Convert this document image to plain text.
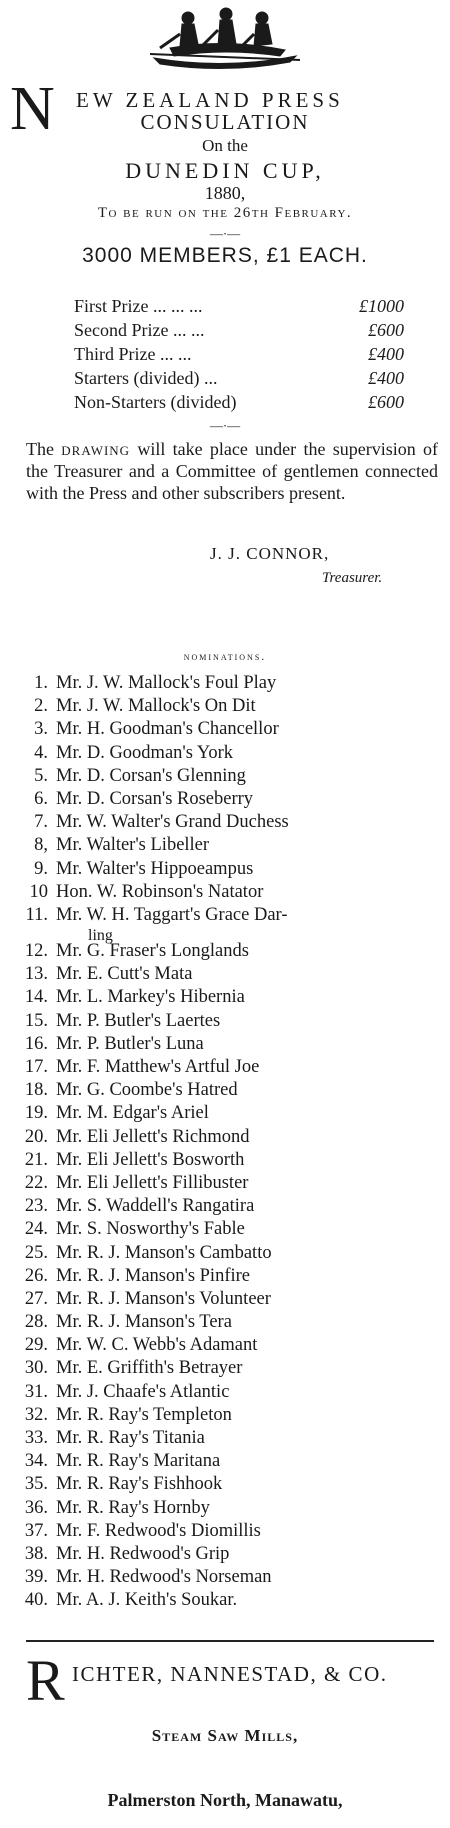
N EW ZEALAND PRESS
CONSULATION
On the
DUNEDIN CUP,
1880,
To be run on the 26th February.
—·—
3000 MEMBERS, £1 EACH.
First Prize ... ... ...	£1000
Second Prize ... ...	£600
Third Prize ... ...	£400
Starters (divided) ...	£400
Non-Starters (divided)	£600
—·—
The drawing will take place under the supervision of the Treasurer and a Committee of gentlemen connected with the Press and other subscribers present.
J. J. CONNOR,
Treasurer.
nominations.
1. Mr. J. W. Mallock's Foul Play
2. Mr. J. W. Mallock's On Dit
3. Mr. H. Goodman's Chancellor
4. Mr. D. Goodman's York
5. Mr. D. Corsan's Glenning
6. Mr. D. Corsan's Roseberry
7. Mr. W. Walter's Grand Duchess
8, Mr. Walter's Libeller
9. Mr. Walter's Hippoeampus
10 Hon. W. Robinson's Natator
11. Mr. W. H. Taggart's Grace Dar-
ling
12. Mr. G. Fraser's Longlands
13. Mr. E. Cutt's Mata
14. Mr. L. Markey's Hibernia
15. Mr. P. Butler's Laertes
16. Mr. P. Butler's Luna
17. Mr. F. Matthew's Artful Joe
18. Mr. G. Coombe's Hatred
19. Mr. M. Edgar's Ariel
20. Mr. Eli Jellett's Richmond
21. Mr. Eli Jellett's Bosworth
22. Mr. Eli Jellett's Fillibuster
23. Mr. S. Waddell's Rangatira
24. Mr. S. Nosworthy's Fable
25. Mr. R. J. Manson's Cambatto
26. Mr. R. J. Manson's Pinfire
27. Mr. R. J. Manson's Volunteer
28. Mr. R. J. Manson's Tera
29. Mr. W. C. Webb's Adamant
30. Mr. E. Griffith's Betrayer
31. Mr. J. Chaafe's Atlantic
32. Mr. R. Ray's Templeton
33. Mr. R. Ray's Titania
34. Mr. R. Ray's Maritana
35. Mr. R. Ray's Fishhook
36. Mr. R. Ray's Hornby
37. Mr. F. Redwood's Diomillis
38. Mr. H. Redwood's Grip
39. Mr. H. Redwood's Norseman
40. Mr. A. J. Keith's Soukar.
R ICHTER, NANNESTAD, & CO.
Steam Saw Mills,
Palmerston North, Manawatu,
